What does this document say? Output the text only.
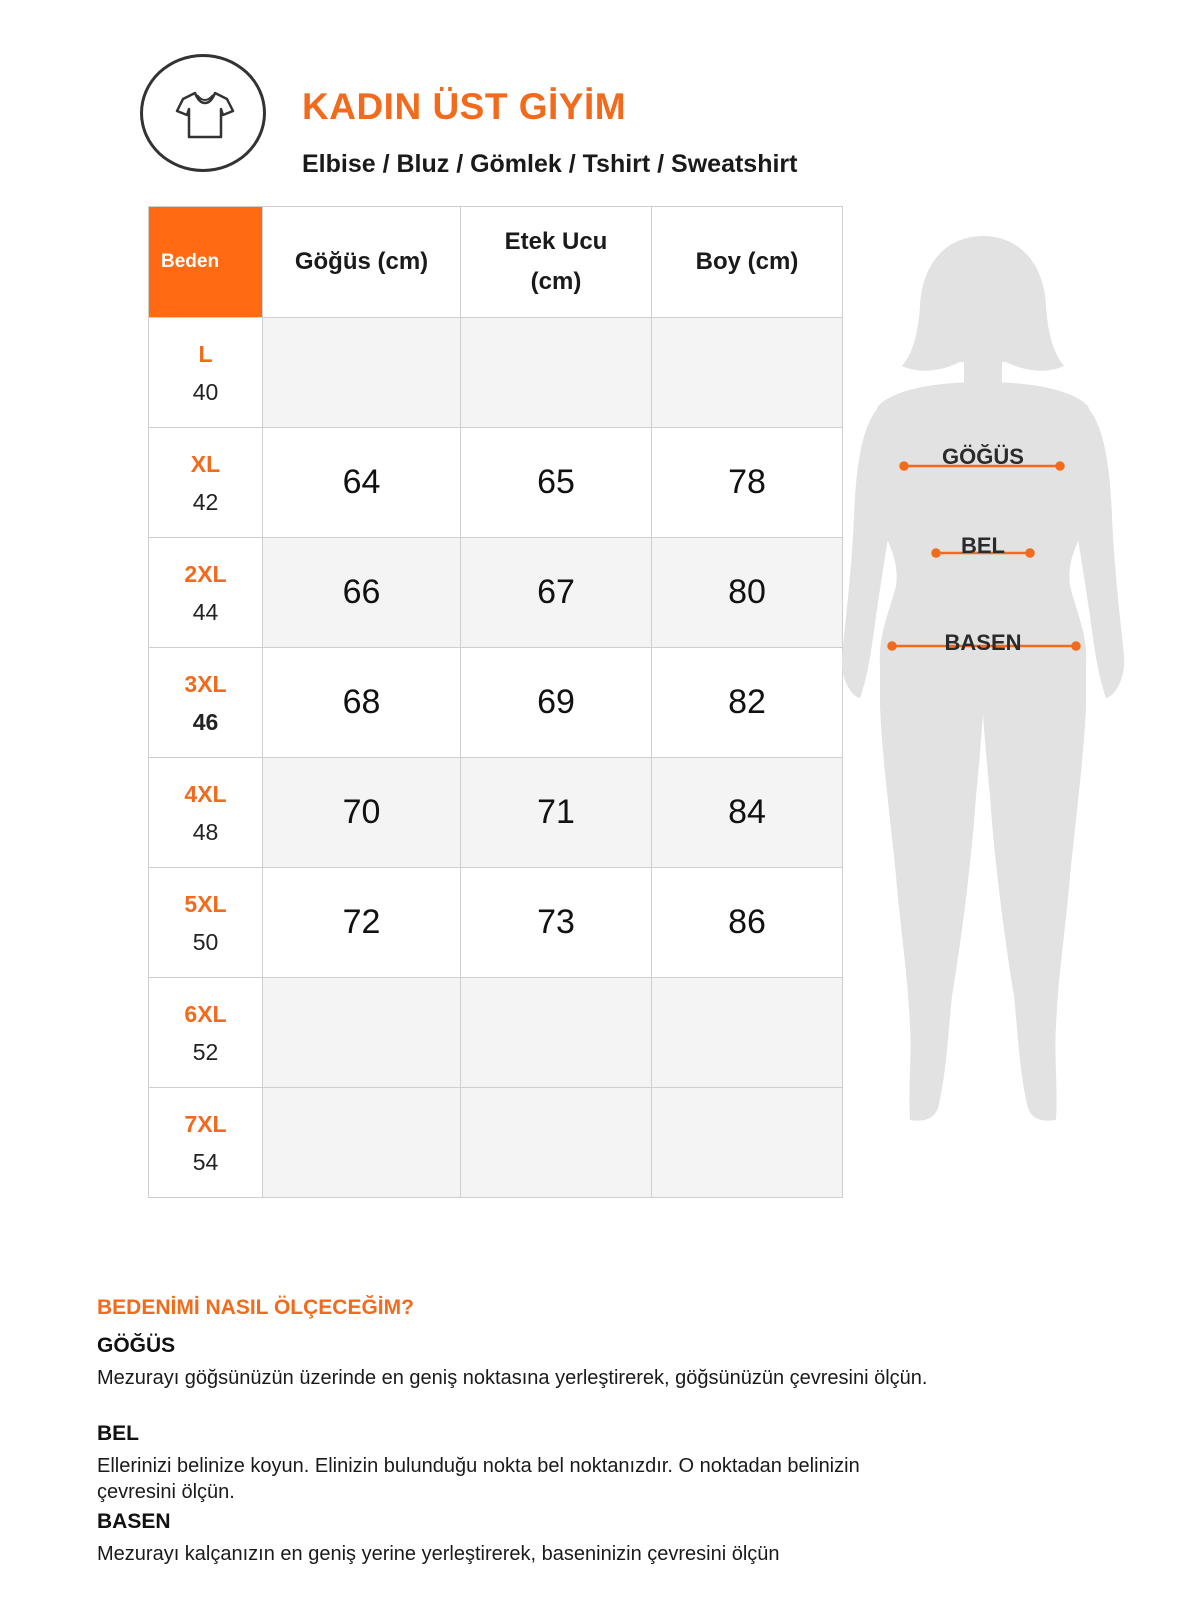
KADIN ÜST GİYİM
Elbise / Bluz / Gömlek / Tshirt / Sweatshirt
Beden	Göğüs (cm)	Etek Ucu (cm)	Boy (cm)

L
40			

XL
42	64	65	78

2XL
44	66	67	80

3XL
46	68	69	82

4XL
48	70	71	84

5XL
50	72	73	86

6XL
52			

7XL
54			

GÖĞÜS
BEL
BASEN
BEDENİMİ NASIL ÖLÇECEĞİM?
GÖĞÜS
Mezurayı göğsünüzün üzerinde en geniş noktasına yerleştirerek, göğsünüzün çevresini ölçün.
BEL
Ellerinizi belinize koyun. Elinizin bulunduğu nokta bel noktanızdır. O noktadan belinizin çevresini ölçün.
BASEN
Mezurayı kalçanızın en geniş yerine yerleştirerek, baseninizin çevresini ölçün
